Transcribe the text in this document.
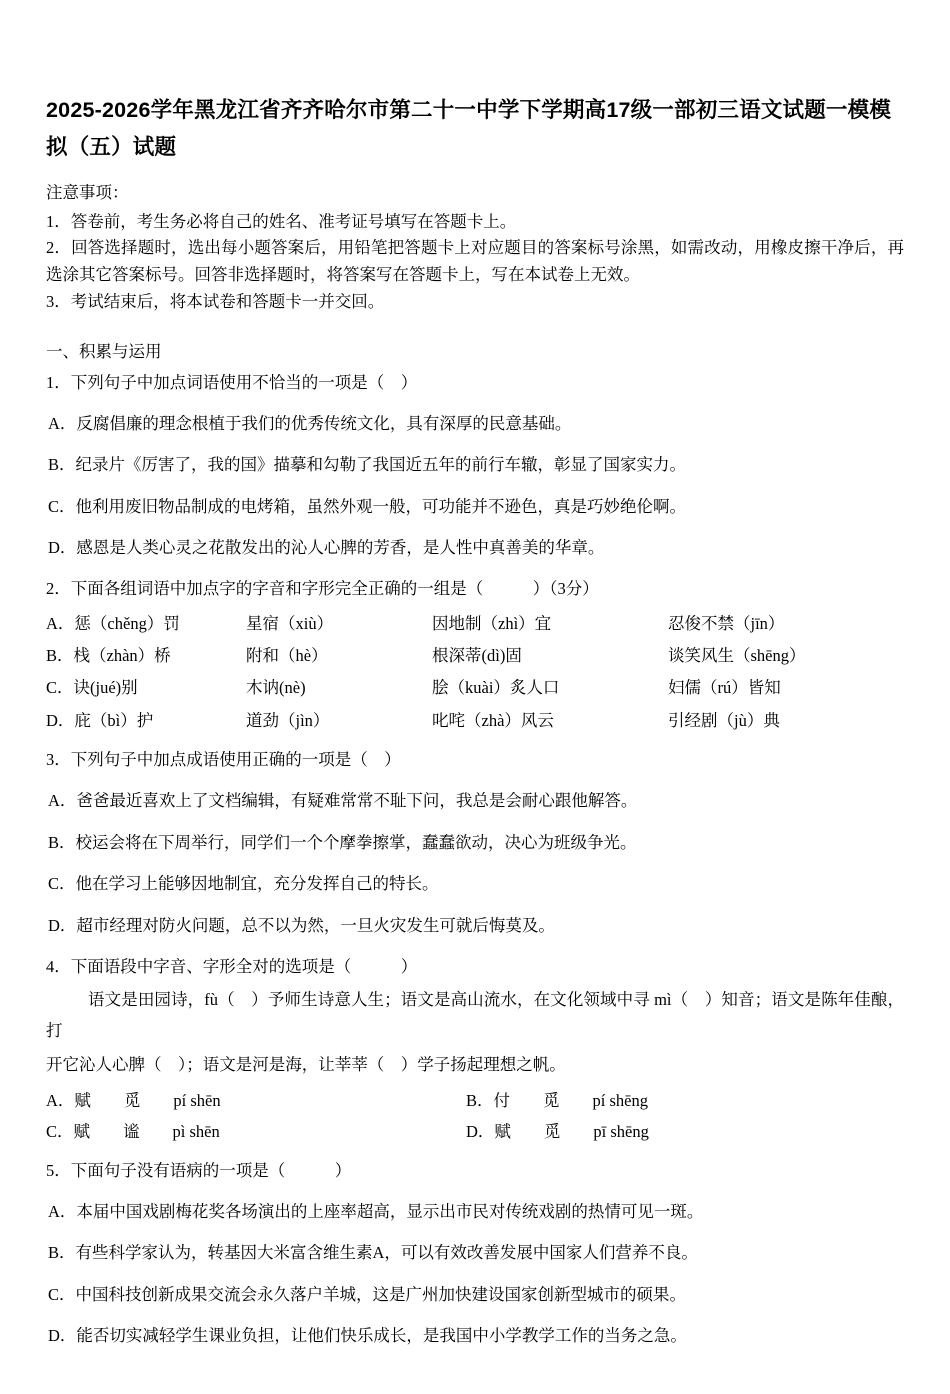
2025-2026学年黑龙江省齐齐哈尔市第二十一中学下学期高17级一部初三语文试题一模模拟（五）试题
注意事项：
1．答卷前，考生务必将自己的姓名、准考证号填写在答题卡上。
2．回答选择题时，选出每小题答案后，用铅笔把答题卡上对应题目的答案标号涂黑，如需改动，用橡皮擦干净后，再选涂其它答案标号。回答非选择题时，将答案写在答题卡上，写在本试卷上无效。
3．考试结束后，将本试卷和答题卡一并交回。
一、积累与运用
1．下列句子中加点词语使用不恰当的一项是（　）
A．反腐倡廉的理念根植于我们的优秀传统文化，具有深厚的民意基础。
B．纪录片《厉害了，我的国》描摹和勾勒了我国近五年的前行车辙，彰显了国家实力。
C．他利用废旧物品制成的电烤箱，虽然外观一般，可功能并不逊色，真是巧妙绝伦啊。
D．感恩是人类心灵之花散发出的沁人心脾的芳香，是人性中真善美的华章。
2．下面各组词语中加点字的字音和字形完全正确的一组是（　　　）（3分）
A．惩（chěng）罚	星宿（xiù）	因地制（zhì）宜	忍俊不禁（jīn）
B．栈（zhàn）桥	附和（hè）	根深蒂(dì)固	谈笑风生（shēng）
C．诀(jué)别	木讷(nè)	脍（kuài）炙人口	妇儒（rú）皆知
D．庇（bì）护	道劲（jìn）	叱咤（zhà）风云	引经剧（jù）典
3．下列句子中加点成语使用正确的一项是（　）
A．爸爸最近喜欢上了文档编辑，有疑难常常不耻下问，我总是会耐心跟他解答。
B．校运会将在下周举行，同学们一个个摩拳擦掌，蠢蠢欲动，决心为班级争光。
C．他在学习上能够因地制宜，充分发挥自己的特长。
D．超市经理对防火问题，总不以为然，一旦火灾发生可就后悔莫及。
4．下面语段中字音、字形全对的选项是（　　　）
语文是田园诗，fù（　）予师生诗意人生；语文是高山流水，在文化领域中寻 mì（　）知音；语文是陈年佳酿，打
开它沁人心脾（　）；语文是河是海，让莘莘（　）学子扬起理想之帆。
A．赋　　觅　　pí shēn	B．付　　觅　　pí shēng
C．赋　　谧　　pì shēn	D．赋　　觅　　pī shēng
5．下面句子没有语病的一项是（　　　）
A．本届中国戏剧梅花奖各场演出的上座率超高，显示出市民对传统戏剧的热情可见一斑。
B．有些科学家认为，转基因大米富含维生素A，可以有效改善发展中国家人们营养不良。
C．中国科技创新成果交流会永久落户羊城，这是广州加快建设国家创新型城市的硕果。
D．能否切实减轻学生课业负担，让他们快乐成长，是我国中小学教学工作的当务之急。
